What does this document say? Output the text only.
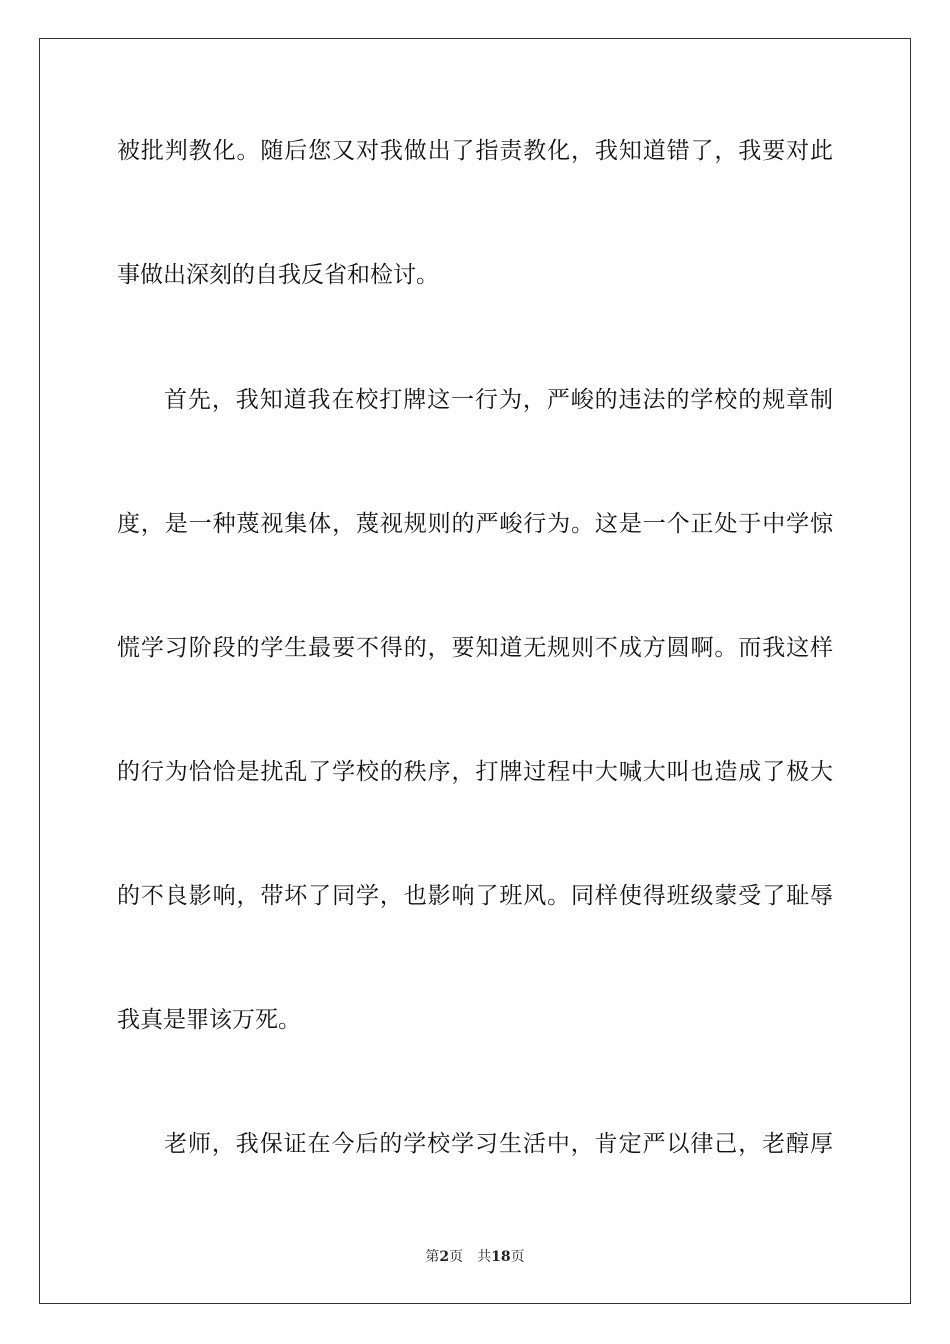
被批判教化。随后您又对我做出了指责教化，我知道错了，我要对此
事做出深刻的自我反省和检讨。
首先，我知道我在校打牌这一行为，严峻的违法的学校的规章制
度，是一种蔑视集体，蔑视规则的严峻行为。这是一个正处于中学惊
慌学习阶段的学生最要不得的，要知道无规则不成方圆啊。而我这样
的行为恰恰是扰乱了学校的秩序，打牌过程中大喊大叫也造成了极大
的不良影响，带坏了同学，也影响了班风。同样使得班级蒙受了耻辱
我真是罪该万死。
老师，我保证在今后的学校学习生活中，肯定严以律己，老醇厚
第2页 共18页
